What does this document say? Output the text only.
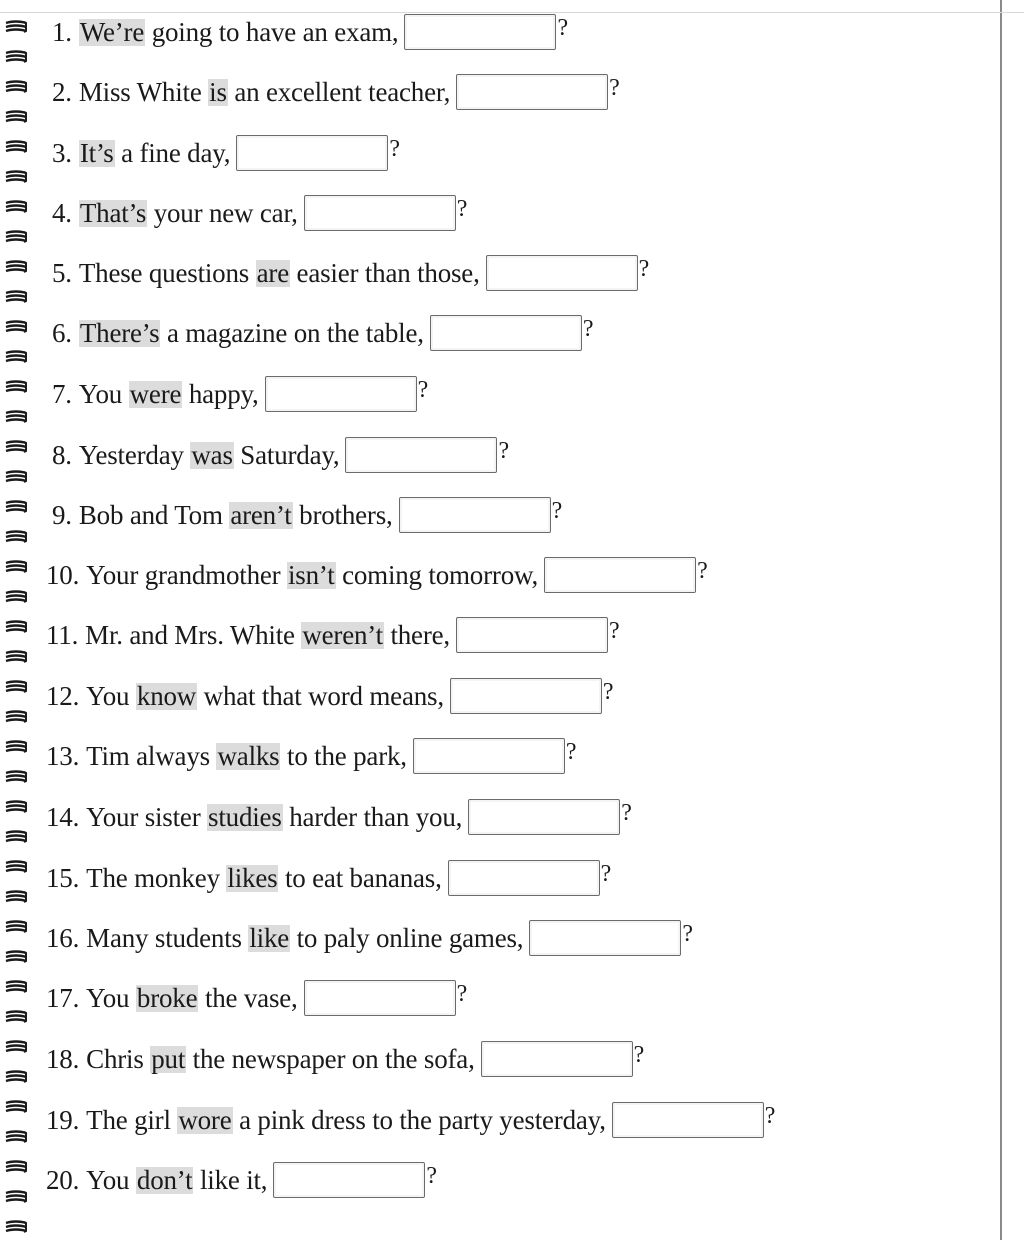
1. We’re going to have an exam,	?
2. Miss White is an excellent teacher,	?
3. It’s a fine day,	?
4. That’s your new car,	?
5. These questions are easier than those,	?
6. There’s a magazine on the table,	?
7. You were happy,	?
8. Yesterday was Saturday,	?
9. Bob and Tom aren’t brothers,	?
10. Your grandmother isn’t coming tomorrow,	?
11. Mr. and Mrs. White weren’t there,	?
12. You know what that word means,	?
13. Tim always walks to the park,	?
14. Your sister studies harder than you,	?
15. The monkey likes to eat bananas,	?
16. Many students like to paly online games,	?
17. You broke the vase,	?
18. Chris put the newspaper on the sofa,	?
19. The girl wore a pink dress to the party yesterday,	?
20. You don’t like it,	?
